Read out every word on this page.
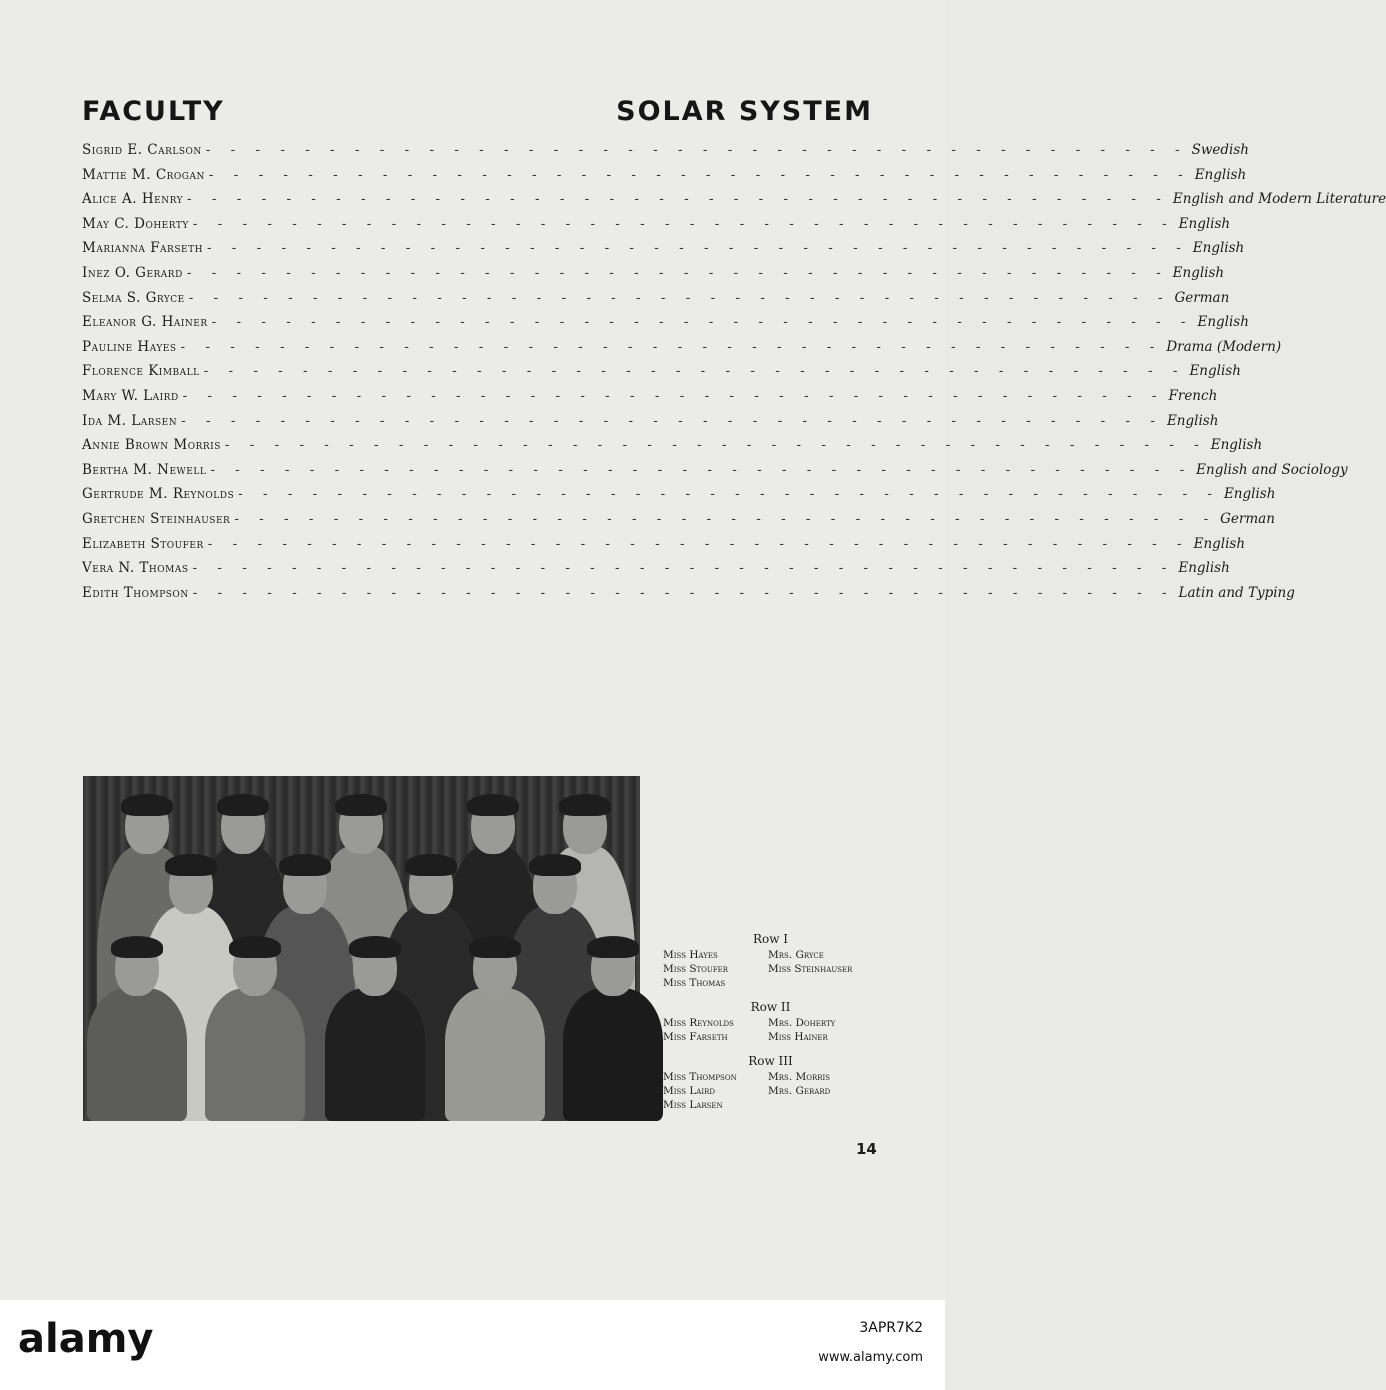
FACULTY	SOLAR SYSTEM
Sigrid E. Carlson - - - - - - - - - - - - - - - - - - - - - - - - - - - - - - - - - - - - - - - - Swedish
Mattie M. Crogan - - - - - - - - - - - - - - - - - - - - - - - - - - - - - - - - - - - - - - - - English
Alice A. Henry - - - - - - - - - - - - - - - - - - - - - - - - - - - - - - - - - - - - - - - - English and Modern Literature
May C. Doherty - - - - - - - - - - - - - - - - - - - - - - - - - - - - - - - - - - - - - - - - English
Marianna Farseth - - - - - - - - - - - - - - - - - - - - - - - - - - - - - - - - - - - - - - - - English
Inez O. Gerard - - - - - - - - - - - - - - - - - - - - - - - - - - - - - - - - - - - - - - - - English
Selma S. Gryce - - - - - - - - - - - - - - - - - - - - - - - - - - - - - - - - - - - - - - - - German
Eleanor G. Hainer - - - - - - - - - - - - - - - - - - - - - - - - - - - - - - - - - - - - - - - - English
Pauline Hayes - - - - - - - - - - - - - - - - - - - - - - - - - - - - - - - - - - - - - - - - Drama (Modern)
Florence Kimball - - - - - - - - - - - - - - - - - - - - - - - - - - - - - - - - - - - - - - - - English
Mary W. Laird - - - - - - - - - - - - - - - - - - - - - - - - - - - - - - - - - - - - - - - - French
Ida M. Larsen - - - - - - - - - - - - - - - - - - - - - - - - - - - - - - - - - - - - - - - - English
Annie Brown Morris - - - - - - - - - - - - - - - - - - - - - - - - - - - - - - - - - - - - - - - - English
Bertha M. Newell - - - - - - - - - - - - - - - - - - - - - - - - - - - - - - - - - - - - - - - - English and Sociology
Gertrude M. Reynolds - - - - - - - - - - - - - - - - - - - - - - - - - - - - - - - - - - - - - - - - English
Gretchen Steinhauser - - - - - - - - - - - - - - - - - - - - - - - - - - - - - - - - - - - - - - - - German
Elizabeth Stoufer - - - - - - - - - - - - - - - - - - - - - - - - - - - - - - - - - - - - - - - - English
Vera N. Thomas - - - - - - - - - - - - - - - - - - - - - - - - - - - - - - - - - - - - - - - - English
Edith Thompson - - - - - - - - - - - - - - - - - - - - - - - - - - - - - - - - - - - - - - - - Latin and Typing
Row I
Miss Hayes	Mrs. Gryce
Miss Stoufer	Miss Steinhauser
Miss Thomas
Row II
Miss Reynolds	Mrs. Doherty
Miss Farseth	Miss Hainer
Row III
Miss Thompson	Mrs. Morris
Miss Laird	Mrs. Gerard
Miss Larsen
14
alamy	3APR7K2
www.alamy.com
